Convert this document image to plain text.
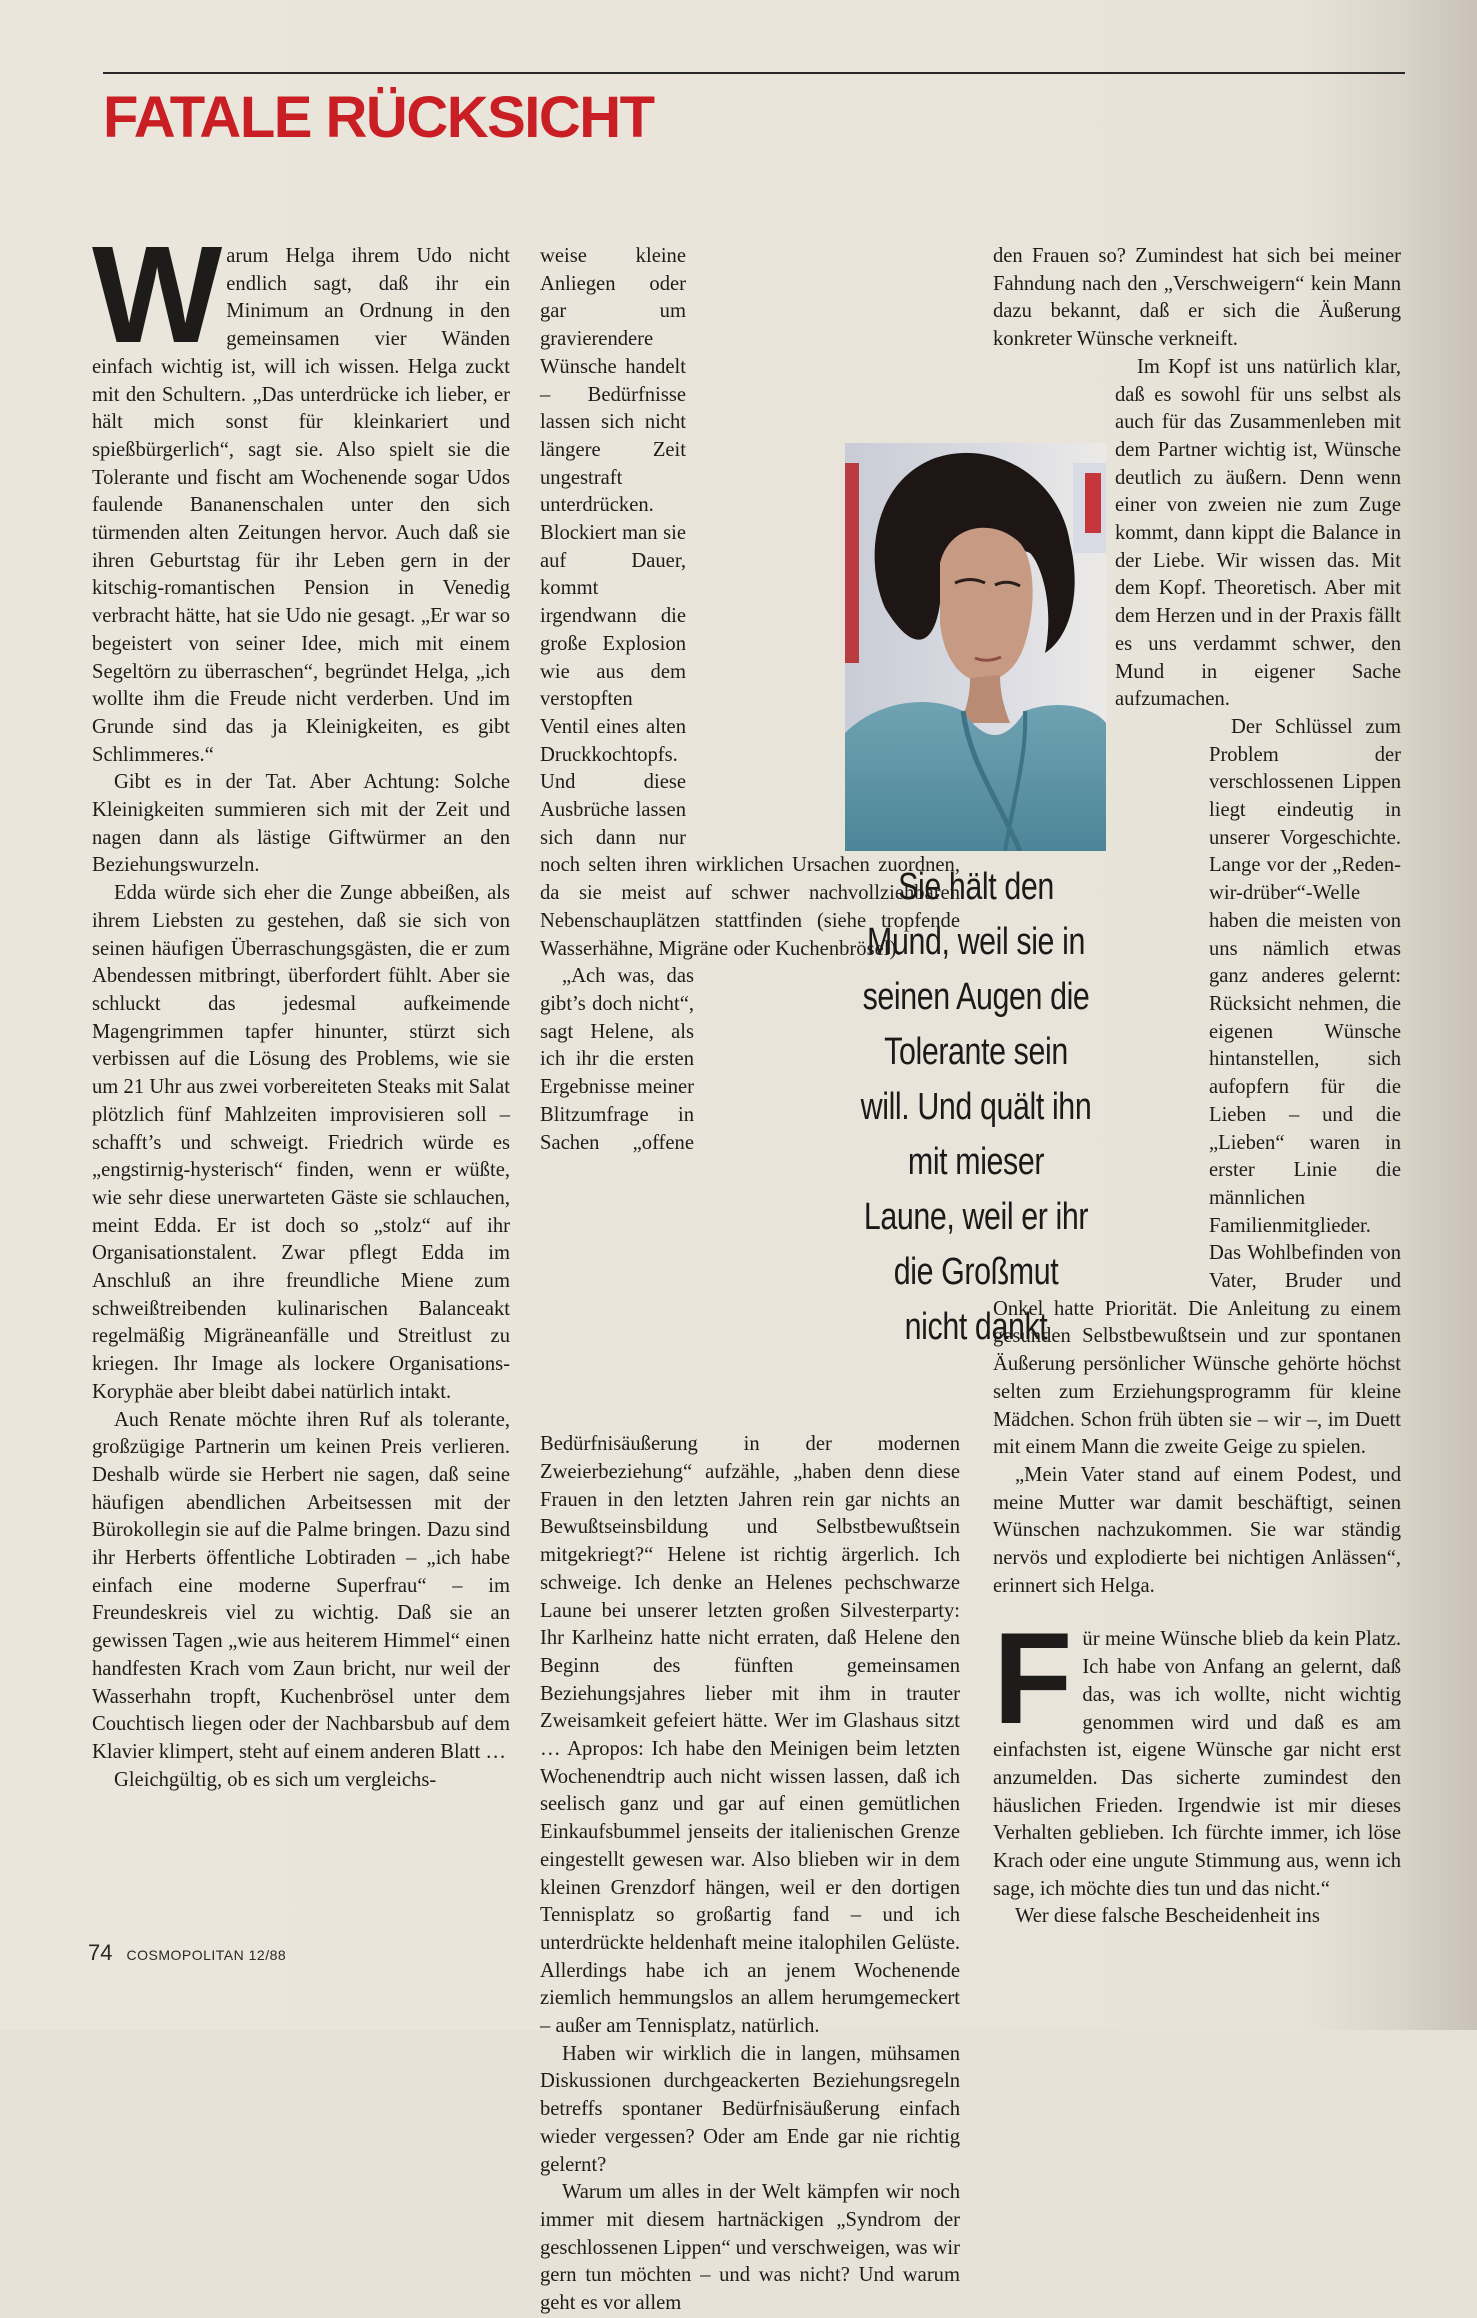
FATALE RÜCKSICHT

Warum Helga ihrem Udo nicht endlich sagt, daß ihr ein Minimum an Ordnung in den gemeinsamen vier Wänden einfach wichtig ist, will ich wissen. Helga zuckt mit den Schultern. „Das unterdrücke ich lieber, er hält mich sonst für kleinkariert und spießbürgerlich“, sagt sie. Also spielt sie die Tolerante und fischt am Wochenende sogar Udos faulende Bananenschalen unter den sich türmenden alten Zeitungen hervor. Auch daß sie ihren Geburtstag für ihr Leben gern in der kitschig-romantischen Pension in Venedig verbracht hätte, hat sie Udo nie gesagt. „Er war so begeistert von seiner Idee, mich mit einem Segeltörn zu überraschen“, begründet Helga, „ich wollte ihm die Freude nicht verderben. Und im Grunde sind das ja Kleinigkeiten, es gibt Schlimmeres.“

Gibt es in der Tat. Aber Achtung: Solche Kleinigkeiten summieren sich mit der Zeit und nagen dann als lästige Giftwürmer an den Beziehungswurzeln.

Edda würde sich eher die Zunge abbeißen, als ihrem Liebsten zu gestehen, daß sie sich von seinen häufigen Überraschungsgästen, die er zum Abendessen mitbringt, überfordert fühlt. Aber sie schluckt das jedesmal aufkeimende Magengrimmen tapfer hinunter, stürzt sich verbissen auf die Lösung des Problems, wie sie um 21 Uhr aus zwei vorbereiteten Steaks mit Salat plötzlich fünf Mahlzeiten improvisieren soll – schafft’s und schweigt. Friedrich würde es „engstirnig-hysterisch“ finden, wenn er wüßte, wie sehr diese unerwarteten Gäste sie schlauchen, meint Edda. Er ist doch so „stolz“ auf ihr Organisationstalent. Zwar pflegt Edda im Anschluß an ihre freundliche Miene zum schweißtreibenden kulinarischen Balanceakt regelmäßig Migräneanfälle und Streitlust zu kriegen. Ihr Image als lockere Organisations-Koryphäe aber bleibt dabei natürlich intakt.

Auch Renate möchte ihren Ruf als tolerante, großzügige Partnerin um keinen Preis verlieren. Deshalb würde sie Herbert nie sagen, daß seine häufigen abendlichen Arbeitsessen mit der Bürokollegin sie auf die Palme bringen. Dazu sind ihr Herberts öffentliche Lobtiraden – „ich habe einfach eine moderne Superfrau“ – im Freundeskreis viel zu wichtig. Daß sie an gewissen Tagen „wie aus heiterem Himmel“ einen handfesten Krach vom Zaun bricht, nur weil der Wasserhahn tropft, Kuchenbrösel unter dem Couchtisch liegen oder der Nachbarsbub auf dem Klavier klimpert, steht auf einem anderen Blatt …

Gleichgültig, ob es sich um vergleichs-

weise kleine Anliegen oder gar um gravierendere Wünsche handelt – Bedürfnisse lassen sich nicht längere Zeit ungestraft unterdrücken. Blockiert man sie auf Dauer, kommt irgendwann die große Explosion wie aus dem verstopften Ventil eines alten Druckkochtopfs. Und diese Ausbrüche lassen sich dann nur noch selten ihren wirklichen Ursachen zuordnen, da sie meist auf schwer nachvollziehbaren Nebenschauplätzen stattfinden (siehe tropfende Wasserhähne, Migräne oder Kuchenbrösel).

„Ach was, das gibt’s doch nicht“, sagt Helene, als ich ihr die ersten Ergebnisse meiner Blitzumfrage in Sachen „offene Bedürfnisäußerung in der modernen Zweierbeziehung“ aufzähle, „haben denn diese Frauen in den letzten Jahren rein gar nichts an Bewußtseinsbildung und Selbstbewußtsein mitgekriegt?“ Helene ist richtig ärgerlich. Ich schweige. Ich denke an Helenes pechschwarze Laune bei unserer letzten großen Silvesterparty: Ihr Karlheinz hatte nicht erraten, daß Helene den Beginn des fünften gemeinsamen Beziehungsjahres lieber mit ihm in trauter Zweisamkeit gefeiert hätte. Wer im Glashaus sitzt … Apropos: Ich habe den Meinigen beim letzten Wochenendtrip auch nicht wissen lassen, daß ich seelisch ganz und gar auf einen gemütlichen Einkaufsbummel jenseits der italienischen Grenze eingestellt gewesen war. Also blieben wir in dem kleinen Grenzdorf hängen, weil er den dortigen Tennisplatz so großartig fand – und ich unterdrückte heldenhaft meine italophilen Gelüste. Allerdings habe ich an jenem Wochenende ziemlich hemmungslos an allem herumgemeckert – außer am Tennisplatz, natürlich.

Haben wir wirklich die in langen, mühsamen Diskussionen durchgeackerten Beziehungsregeln betreffs spontaner Bedürfnisäußerung einfach wieder vergessen? Oder am Ende gar nie richtig gelernt?

Warum um alles in der Welt kämpfen wir noch immer mit diesem hartnäckigen „Syndrom der geschlossenen Lippen“ und verschweigen, was wir gern tun möchten – und was nicht? Und warum geht es vor allem

den Frauen so? Zumindest hat sich bei meiner Fahndung nach den „Verschweigern“ kein Mann dazu bekannt, daß er sich die Äußerung konkreter Wünsche verkneift.

Im Kopf ist uns natürlich klar, daß es sowohl für uns selbst als auch für das Zusammenleben mit dem Partner wichtig ist, Wünsche deutlich zu äußern. Denn wenn einer von zweien nie zum Zuge kommt, dann kippt die Balance in der Liebe. Wir wissen das. Mit dem Kopf. Theoretisch. Aber mit dem Herzen und in der Praxis fällt es uns verdammt schwer, den Mund in eigener Sache aufzumachen.

Der Schlüssel zum Problem der verschlossenen Lippen liegt eindeutig in unserer Vorgeschichte. Lange vor der „Reden-wir-drüber“-Welle haben die meisten von uns nämlich etwas ganz anderes gelernt: Rücksicht nehmen, die eigenen Wünsche hintanstellen, sich aufopfern für die Lieben – und die „Lieben“ waren in erster Linie die männlichen Familienmitglieder. Das Wohlbefinden von Vater, Bruder und Onkel hatte Priorität. Die Anleitung zu einem gesunden Selbstbewußtsein und zur spontanen Äußerung persönlicher Wünsche gehörte höchst selten zum Erziehungsprogramm für kleine Mädchen. Schon früh übten sie – wir –, im Duett mit einem Mann die zweite Geige zu spielen.

„Mein Vater stand auf einem Podest, und meine Mutter war damit beschäftigt, seinen Wünschen nachzukommen. Sie war ständig nervös und explodierte bei nichtigen Anlässen“, erinnert sich Helga.

Für meine Wünsche blieb da kein Platz. Ich habe von Anfang an gelernt, daß das, was ich wollte, nicht wichtig genommen wird und daß es am einfachsten ist, eigene Wünsche gar nicht erst anzumelden. Das sicherte zumindest den häuslichen Frieden. Irgendwie ist mir dieses Verhalten geblieben. Ich fürchte immer, ich löse Krach oder eine ungute Stimmung aus, wenn ich sage, ich möchte dies tun und das nicht.“

Wer diese falsche Bescheidenheit ins

Sie hält den Mund, weil sie in seinen Augen die Tolerante sein will. Und quält ihn mit mieser Laune, weil er ihr die Großmut nicht dankt

74 COSMOPOLITAN 12/88
